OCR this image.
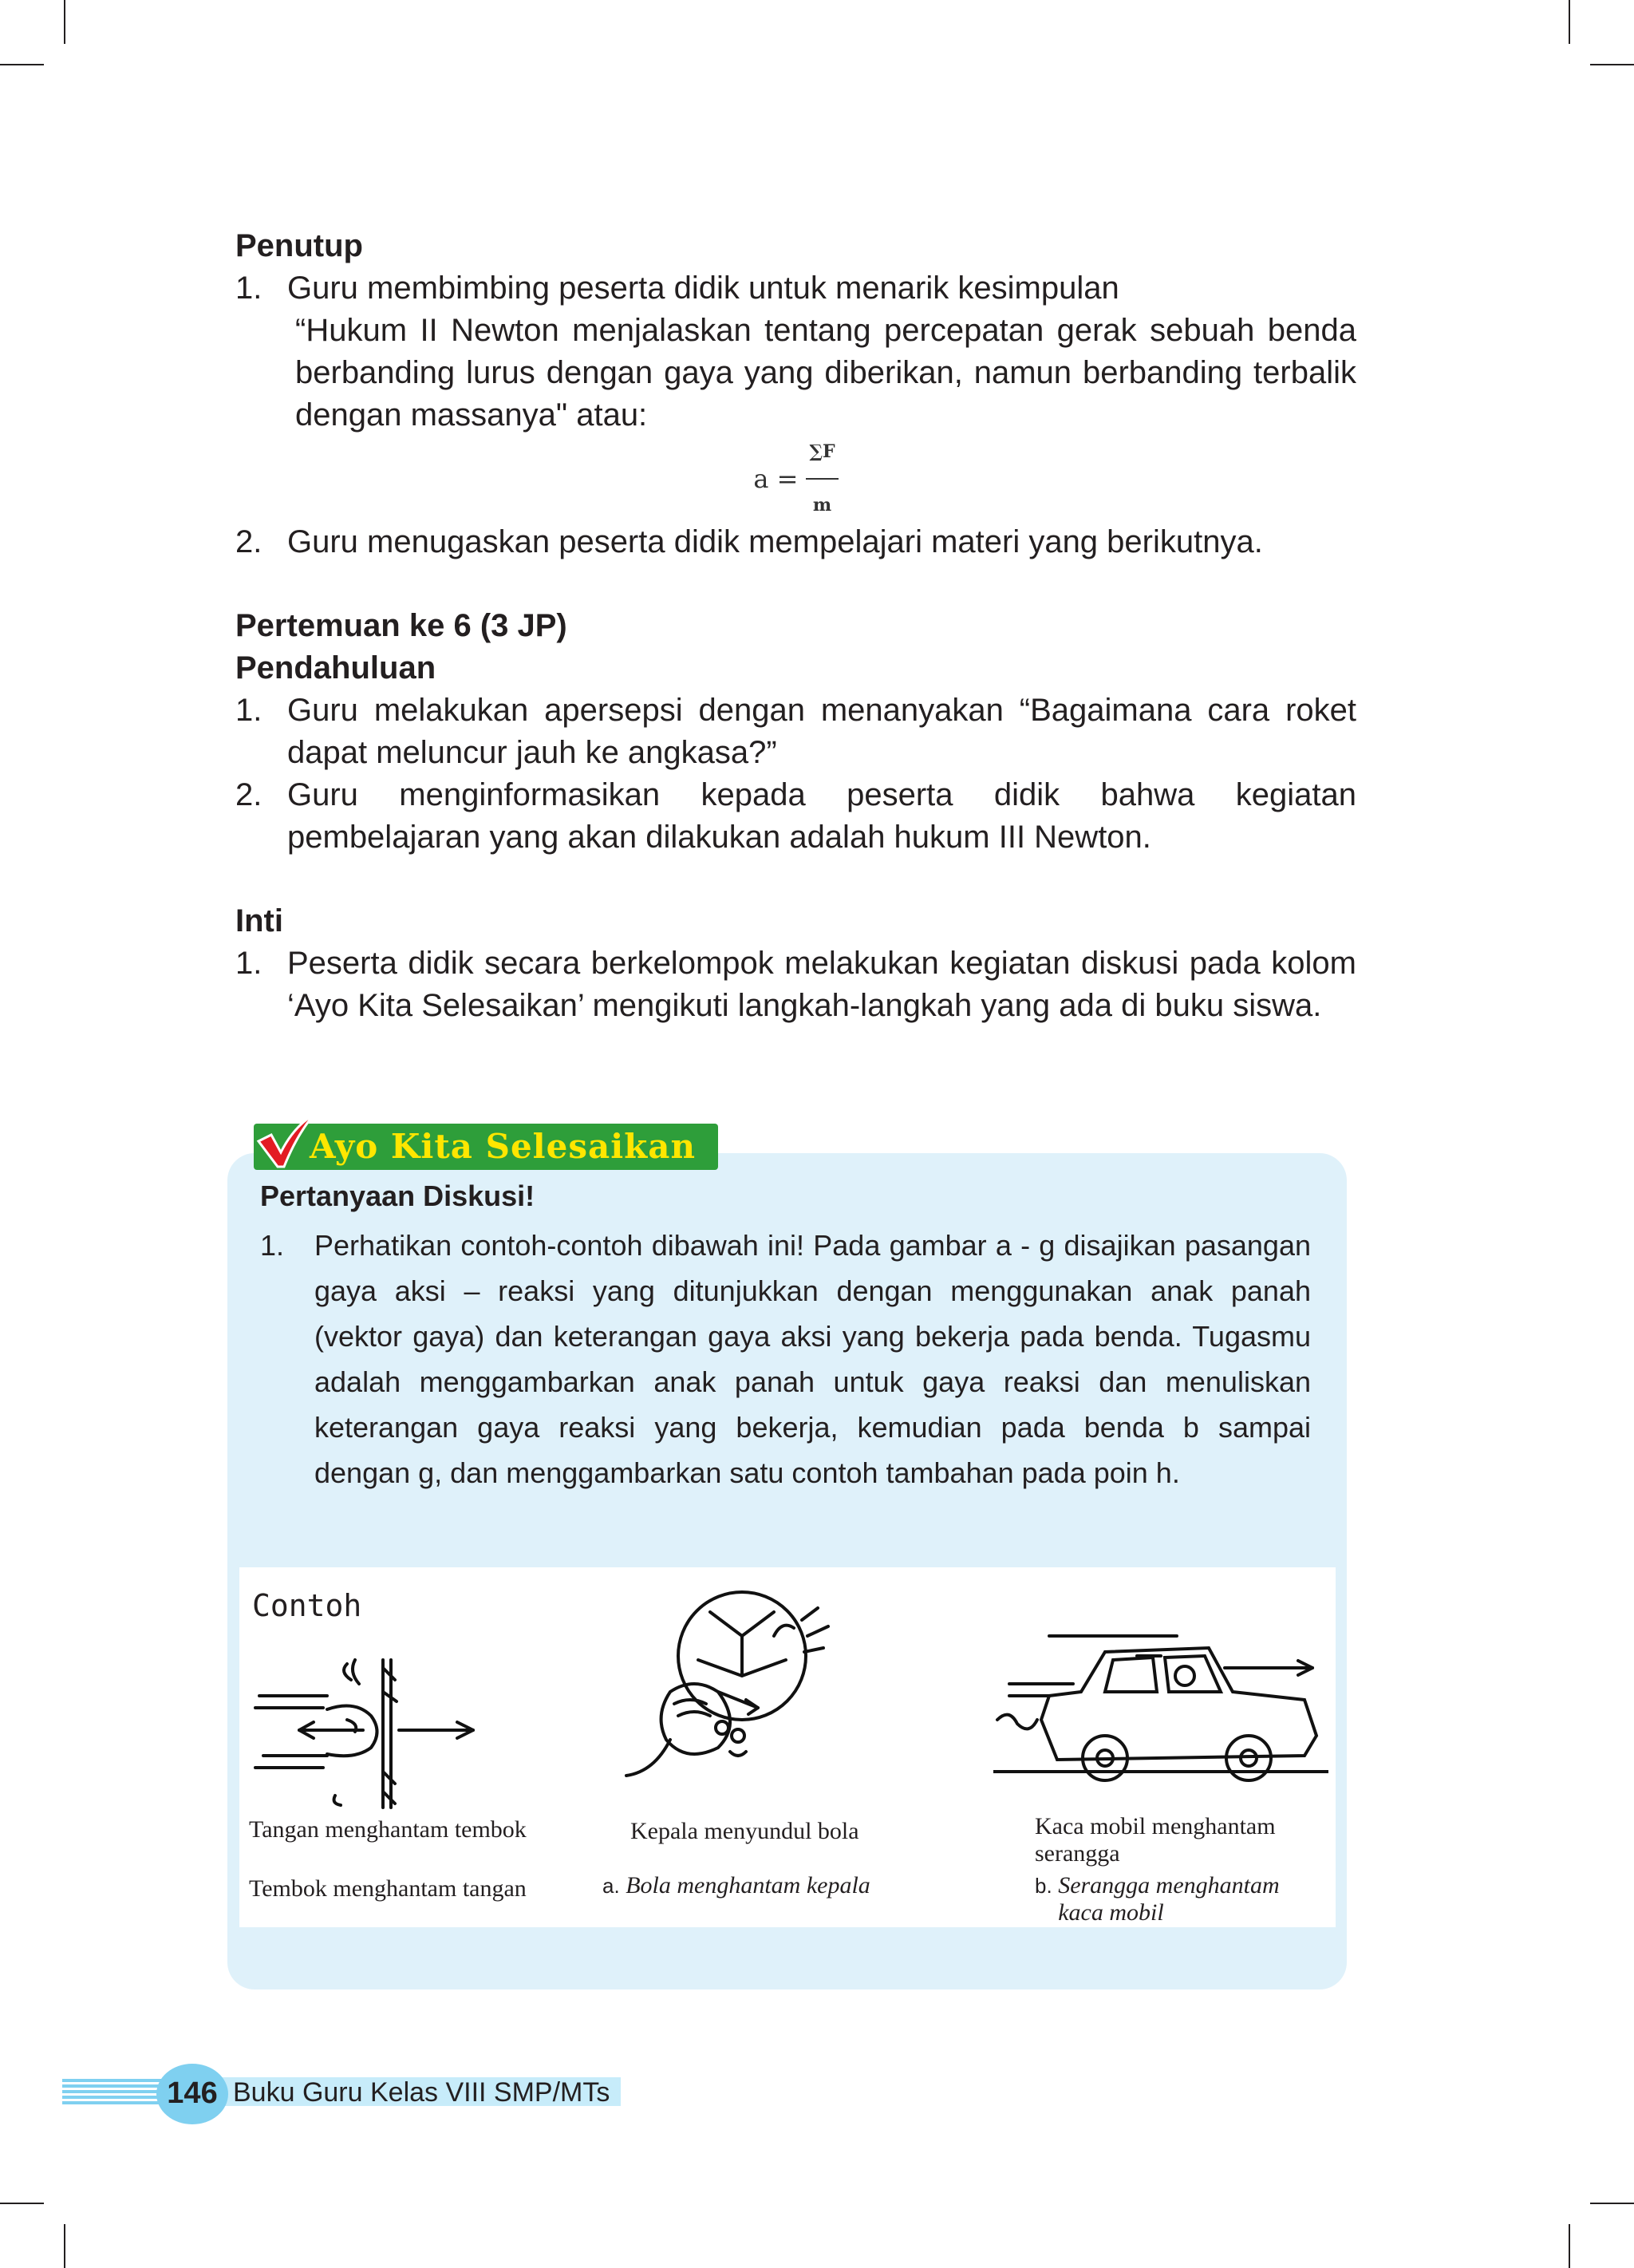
Penutup
1. Guru membimbing peserta didik untuk menarik kesimpulan
“Hukum II Newton menjalaskan tentang percepatan gerak sebuah benda berbanding lurus dengan gaya yang diberikan, namun berbanding terbalik dengan massanya" atau:
$a = \frac{\sum F}{m}$
2. Guru menugaskan peserta didik mempelajari materi yang berikutnya.
Pertemuan ke 6 (3 JP)
Pendahuluan
1. Guru melakukan apersepsi dengan menanyakan “Bagaimana cara roket dapat meluncur jauh ke angkasa?”
2. Guru menginformasikan kepada peserta didik bahwa kegiatan pembelajaran yang akan dilakukan adalah hukum III Newton.
Inti
1. Peserta didik secara berkelompok melakukan kegiatan diskusi pada kolom ‘Ayo Kita Selesaikan’ mengikuti langkah-langkah yang ada di buku siswa.
Ayo Kita Selesaikan
Pertanyaan Diskusi!
1.	Perhatikan contoh-contoh dibawah ini! Pada gambar a - g disajikan pasangan gaya aksi – reaksi yang ditunjukkan dengan menggunakan anak panah (vektor gaya) dan keterangan gaya aksi yang bekerja pada benda. Tugasmu adalah menggambarkan anak panah untuk gaya reaksi dan menuliskan keterangan gaya reaksi yang bekerja, kemudian pada benda b sampai dengan g, dan menggambarkan satu contoh tambahan pada poin h.
Contoh
Tangan menghantam tembok
Tembok menghantam tangan
Kepala menyundul bola
a. Bola menghantam kepala
Kaca mobil menghantam serangga
b. Serangga menghantam kaca mobil
146 Buku Guru Kelas VIII SMP/MTs
